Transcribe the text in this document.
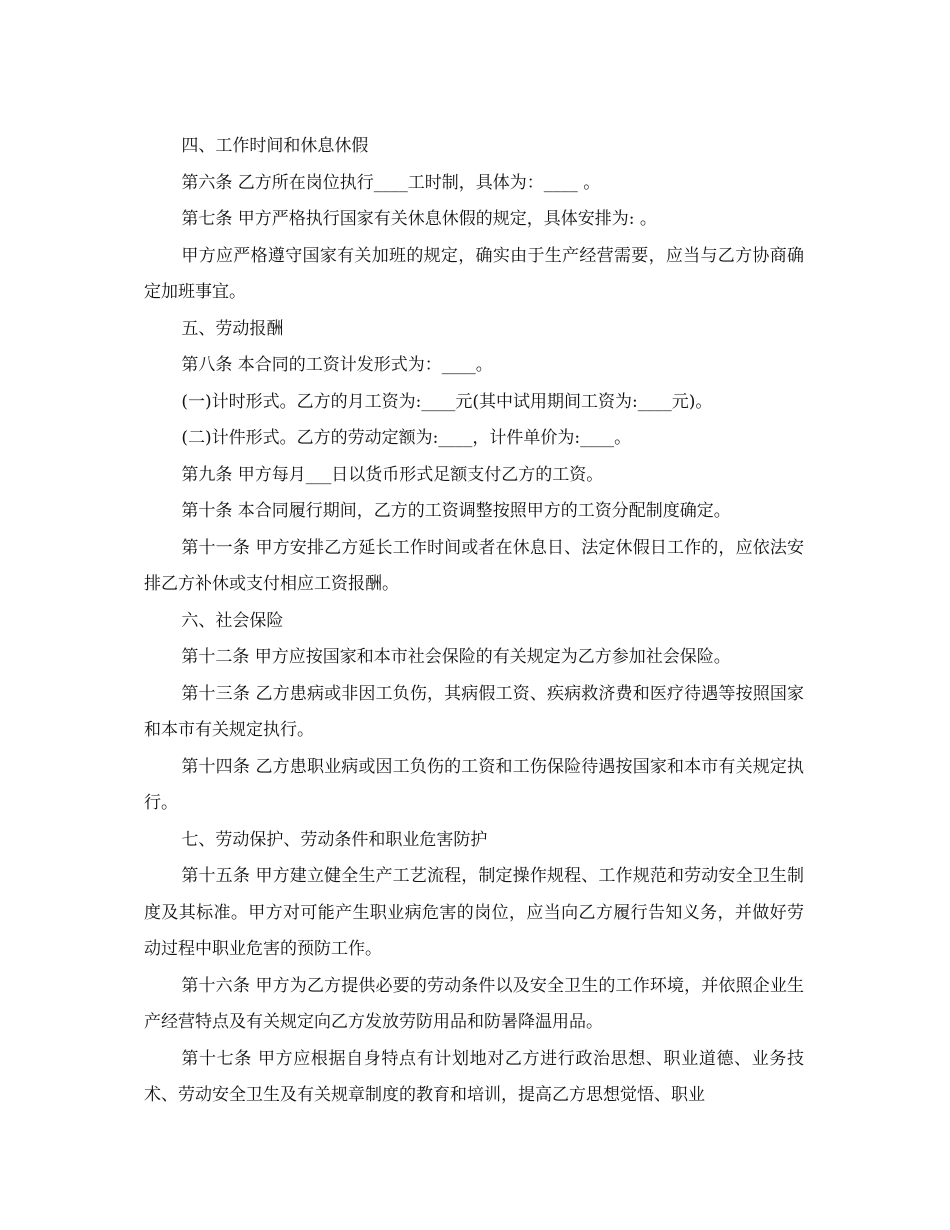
四、工作时间和休息休假

第六条 乙方所在岗位执行____工时制，具体为：____ 。

第七条 甲方严格执行国家有关休息休假的规定，具体安排为: 。

甲方应严格遵守国家有关加班的规定，确实由于生产经营需要，应当与乙方协商确定加班事宜。

五、劳动报酬

第八条 本合同的工资计发形式为：____。

(一)计时形式。乙方的月工资为:____元(其中试用期间工资为:____元)。

(二)计件形式。乙方的劳动定额为:____，计件单价为:____。

第九条 甲方每月___日以货币形式足额支付乙方的工资。

第十条 本合同履行期间，乙方的工资调整按照甲方的工资分配制度确定。

第十一条 甲方安排乙方延长工作时间或者在休息日、法定休假日工作的，应依法安排乙方补休或支付相应工资报酬。

六、社会保险

第十二条 甲方应按国家和本市社会保险的有关规定为乙方参加社会保险。

第十三条 乙方患病或非因工负伤，其病假工资、疾病救济费和医疗待遇等按照国家和本市有关规定执行。

第十四条 乙方患职业病或因工负伤的工资和工伤保险待遇按国家和本市有关规定执行。

七、劳动保护、劳动条件和职业危害防护

第十五条 甲方建立健全生产工艺流程，制定操作规程、工作规范和劳动安全卫生制度及其标准。甲方对可能产生职业病危害的岗位，应当向乙方履行告知义务，并做好劳动过程中职业危害的预防工作。

第十六条 甲方为乙方提供必要的劳动条件以及安全卫生的工作环境，并依照企业生产经营特点及有关规定向乙方发放劳防用品和防暑降温用品。

第十七条 甲方应根据自身特点有计划地对乙方进行政治思想、职业道德、业务技术、劳动安全卫生及有关规章制度的教育和培训，提高乙方思想觉悟、职业
